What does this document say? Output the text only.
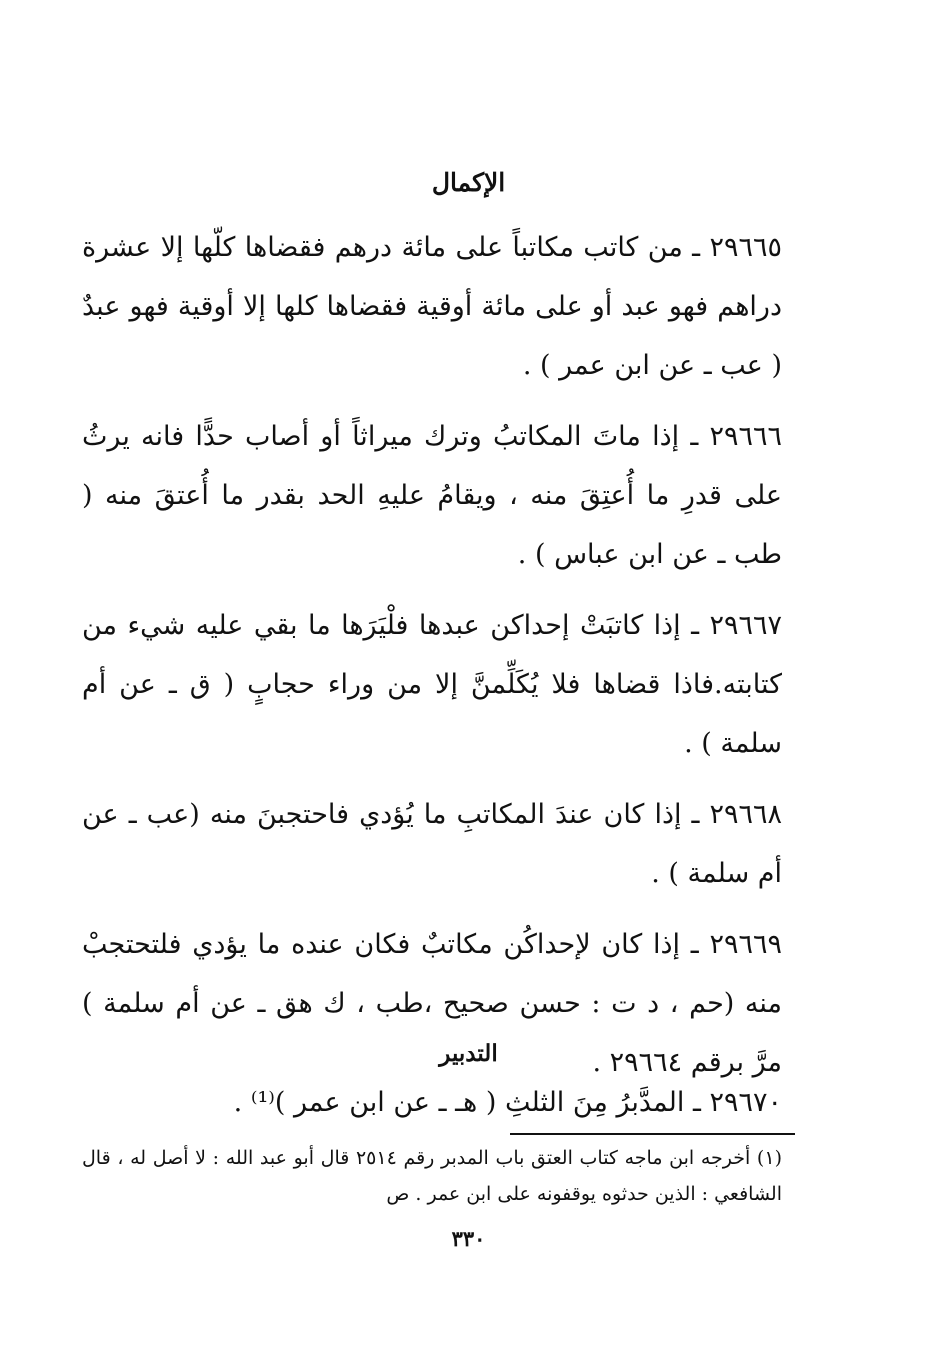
الإكمال

٢٩٦٦٥ ـ من كاتب مكاتباً على مائة درهم فقضاها كلّها إلا عشرة دراهم فهو عبد أو على مائة أوقية فقضاها كلها إلا أوقية فهو عبدٌ ( عب ـ عن ابن عمر ) .

٢٩٦٦٦ ـ إذا ماتَ المكاتبُ وترك ميراثاً أو أصاب حدًّا فانه يرثُ على قدرِ ما أُعتِقَ منه ، ويقامُ عليهِ الحد بقدر ما أُعتقَ منه ( طب ـ عن ابن عباس ) .

٢٩٦٦٧ ـ إذا كاتبَتْ إحداكن عبدها فلْيَرَها ما بقي عليه شيء من كتابته.فاذا قضاها فلا يُكَلِّمنَّ إلا من وراء حجابٍ ( ق ـ عن أم سلمة ) .

٢٩٦٦٨ ـ إذا كان عندَ المكاتبِ ما يُؤدي فاحتجبنَ منه (عب ـ عن أم سلمة ) .

٢٩٦٦٩ ـ إذا كان لإحداكُن مكاتبٌ فكان عنده ما يؤدي فلتحتجبْ منه (حم ، د ت : حسن صحيح ،طب ، ك هق ـ عن أم سلمة ) مرَّ برقم ٢٩٦٦٤ .

التدبير
٢٩٦٧٠ ـ المدَّبرُ مِنَ الثلثِ ( هـ ـ عن ابن عمر )⁽¹⁾ .
(١) أخرجه ابن ماجه كتاب العتق باب المدبر رقم ٢٥١٤ قال أبو عبد الله : لا أصل له ، قال الشافعي : الذين حدثوه يوقفونه على ابن عمر . ص
٣٣٠
